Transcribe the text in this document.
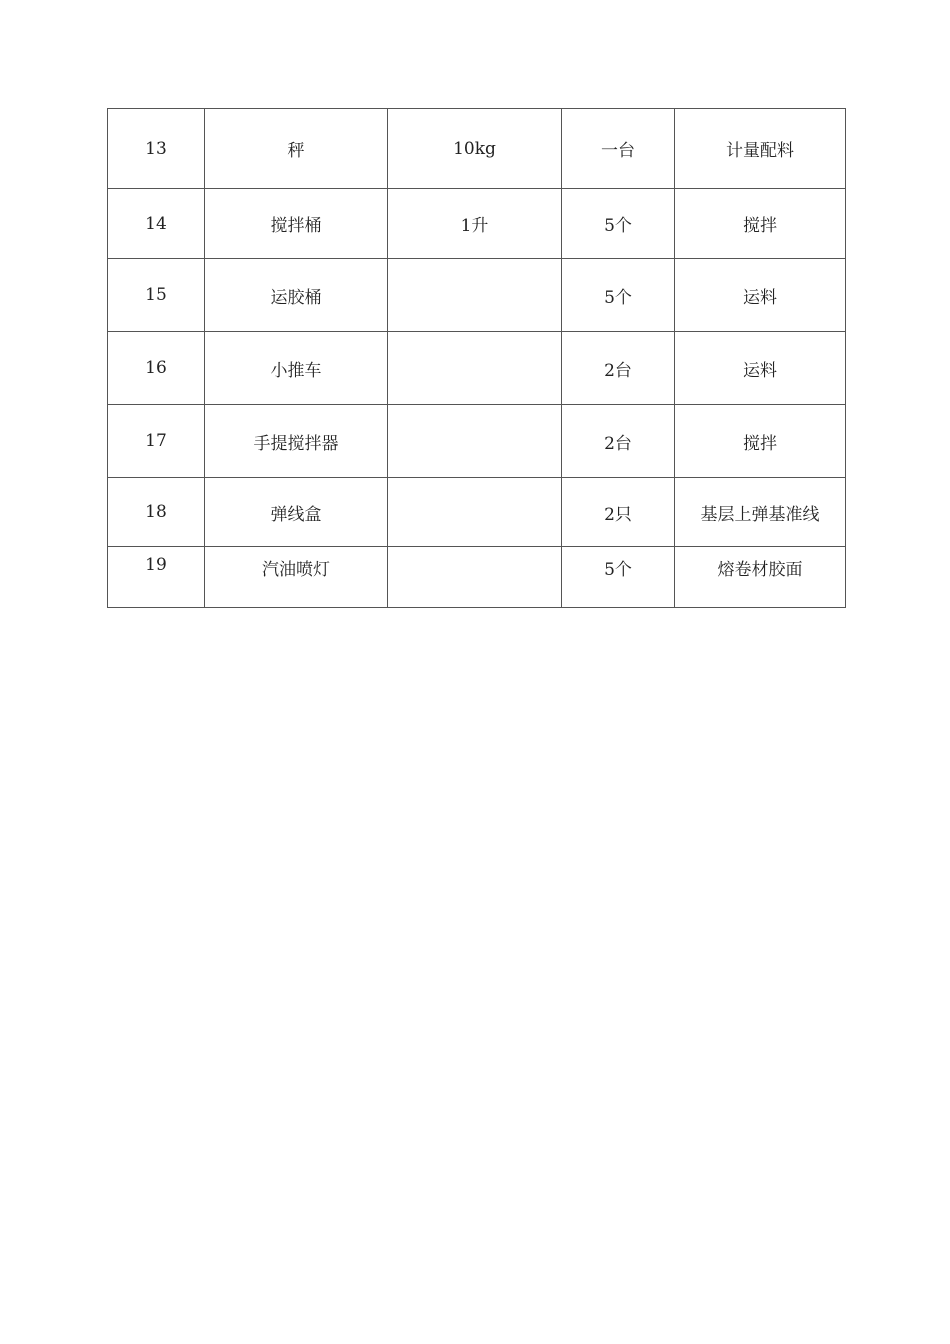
13	秤	10kg	一台	计量配料
14	搅拌桶	1升	5个	搅拌
15	运胶桶		5个	运料
16	小推车		2台	运料
17	手提搅拌器		2台	搅拌
18	弹线盒		2只	基层上弹基准线
19	汽油喷灯		5个	熔卷材胶面
